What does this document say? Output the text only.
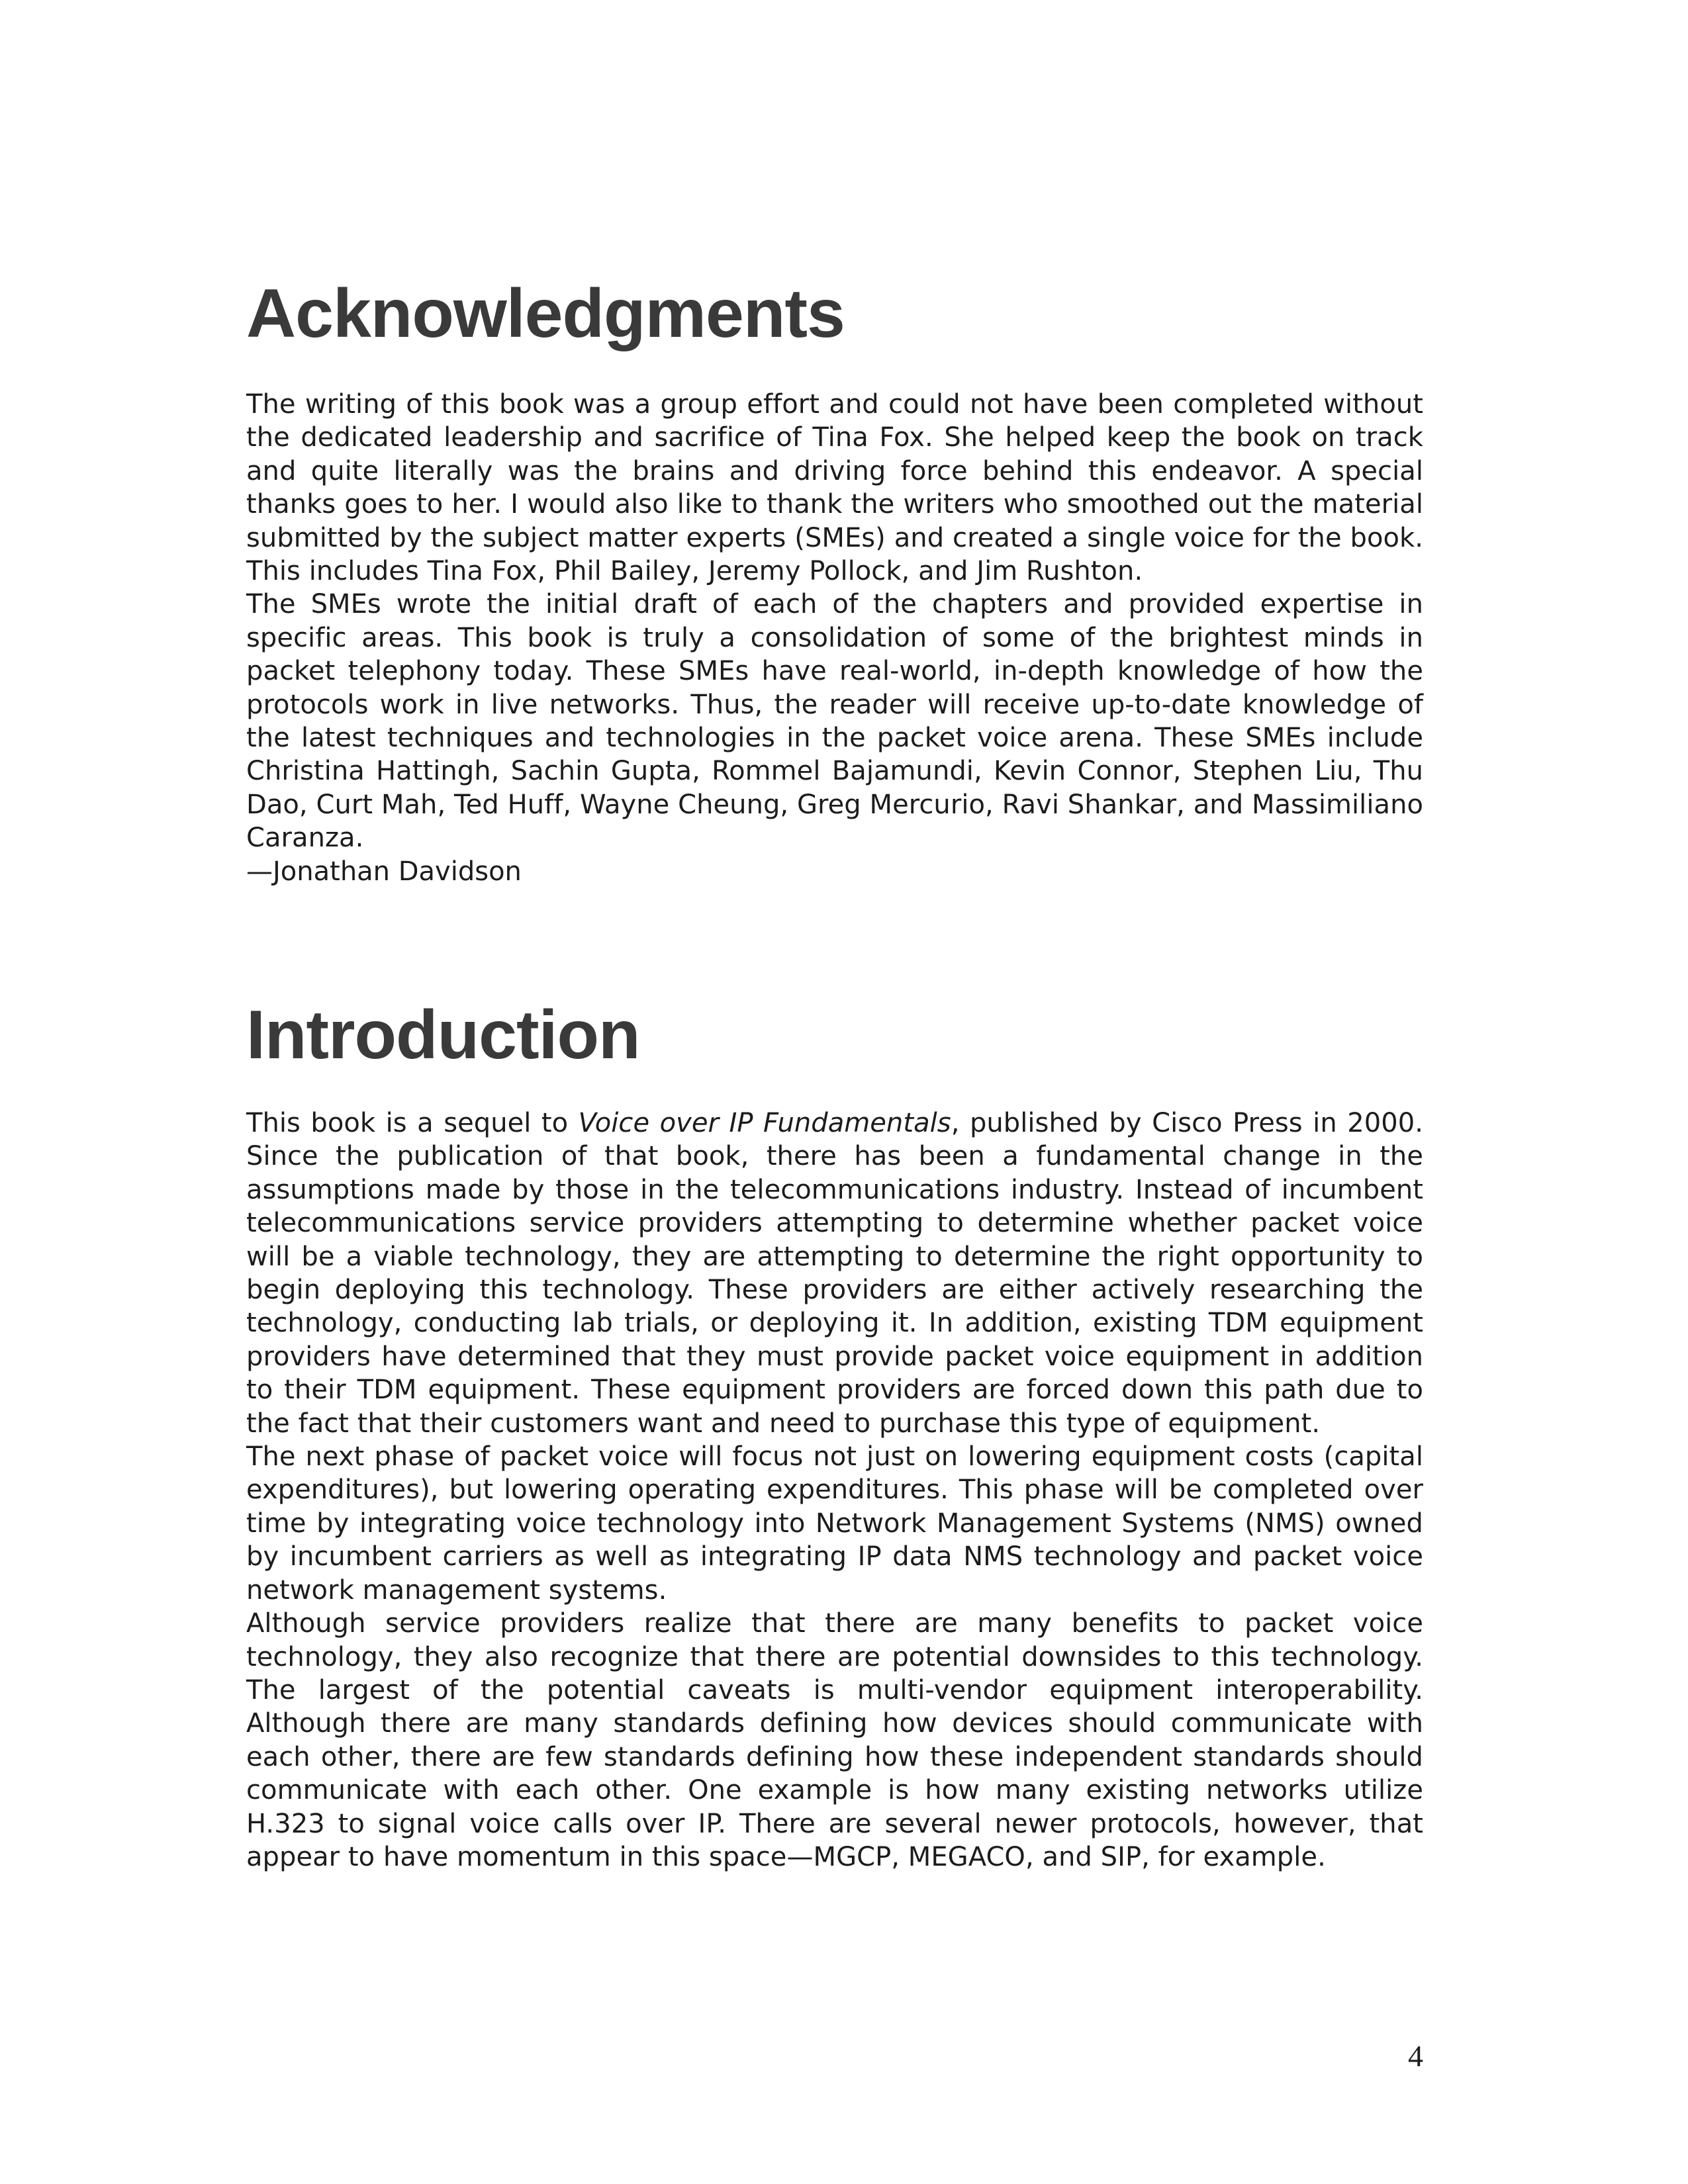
Acknowledgments

The writing of this book was a group effort and could not have been completed without the dedicated leadership and sacrifice of Tina Fox. She helped keep the book on track and quite literally was the brains and driving force behind this endeavor. A special thanks goes to her. I would also like to thank the writers who smoothed out the material submitted by the subject matter experts (SMEs) and created a single voice for the book. This includes Tina Fox, Phil Bailey, Jeremy Pollock, and Jim Rushton.

The SMEs wrote the initial draft of each of the chapters and provided expertise in specific areas. This book is truly a consolidation of some of the brightest minds in packet telephony today. These SMEs have real-world, in-depth knowledge of how the protocols work in live networks. Thus, the reader will receive up-to-date knowledge of the latest techniques and technologies in the packet voice arena. These SMEs include Christina Hattingh, Sachin Gupta, Rommel Bajamundi, Kevin Connor, Stephen Liu, Thu Dao, Curt Mah, Ted Huff, Wayne Cheung, Greg Mercurio, Ravi Shankar, and Massimiliano Caranza.

—Jonathan Davidson

Introduction

This book is a sequel to Voice over IP Fundamentals, published by Cisco Press in 2000. Since the publication of that book, there has been a fundamental change in the assumptions made by those in the telecommunications industry. Instead of incumbent telecommunications service providers attempting to determine whether packet voice will be a viable technology, they are attempting to determine the right opportunity to begin deploying this technology. These providers are either actively researching the technology, conducting lab trials, or deploying it. In addition, existing TDM equipment providers have determined that they must provide packet voice equipment in addition to their TDM equipment. These equipment providers are forced down this path due to the fact that their customers want and need to purchase this type of equipment.

The next phase of packet voice will focus not just on lowering equipment costs (capital expenditures), but lowering operating expenditures. This phase will be completed over time by integrating voice technology into Network Management Systems (NMS) owned by incumbent carriers as well as integrating IP data NMS technology and packet voice network management systems.

Although service providers realize that there are many benefits to packet voice technology, they also recognize that there are potential downsides to this technology. The largest of the potential caveats is multi-vendor equipment interoperability. Although there are many standards defining how devices should communicate with each other, there are few standards defining how these independent standards should communicate with each other. One example is how many existing networks utilize H.323 to signal voice calls over IP. There are several newer protocols, however, that appear to have momentum in this space—MGCP, MEGACO, and SIP, for example.

4
